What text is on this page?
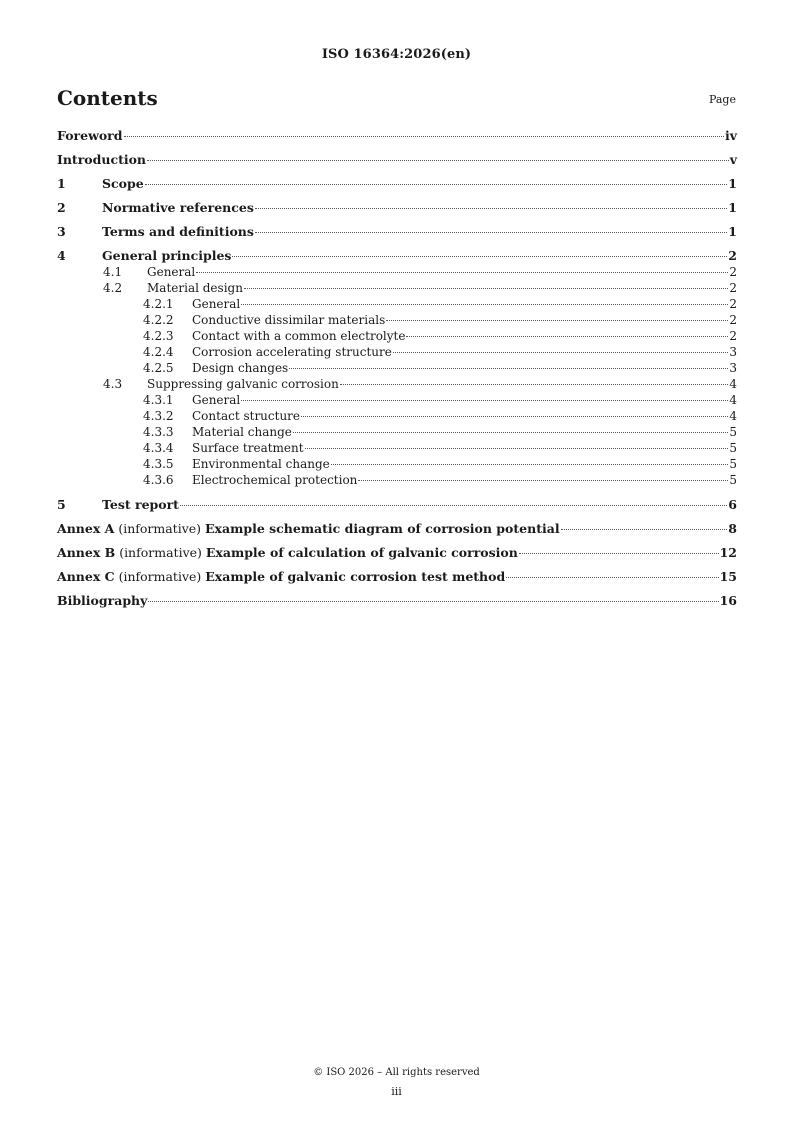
ISO 16364:2026(en)
Contents	Page
Foreword	iv
Introduction	v
1	Scope	1
2	Normative references	1
3	Terms and definitions	1
4	General principles	2
4.1	General	2
4.2	Material design	2
4.2.1	General	2
4.2.2	Conductive dissimilar materials	2
4.2.3	Contact with a common electrolyte	2
4.2.4	Corrosion accelerating structure	3
4.2.5	Design changes	3
4.3	Suppressing galvanic corrosion	4
4.3.1	General	4
4.3.2	Contact structure	4
4.3.3	Material change	5
4.3.4	Surface treatment	5
4.3.5	Environmental change	5
4.3.6	Electrochemical protection	5
5	Test report	6
Annex A (informative) Example schematic diagram of corrosion potential	8
Annex B (informative) Example of calculation of galvanic corrosion	12
Annex C (informative) Example of galvanic corrosion test method	15
Bibliography	16
© ISO 2026 – All rights reserved
iii
